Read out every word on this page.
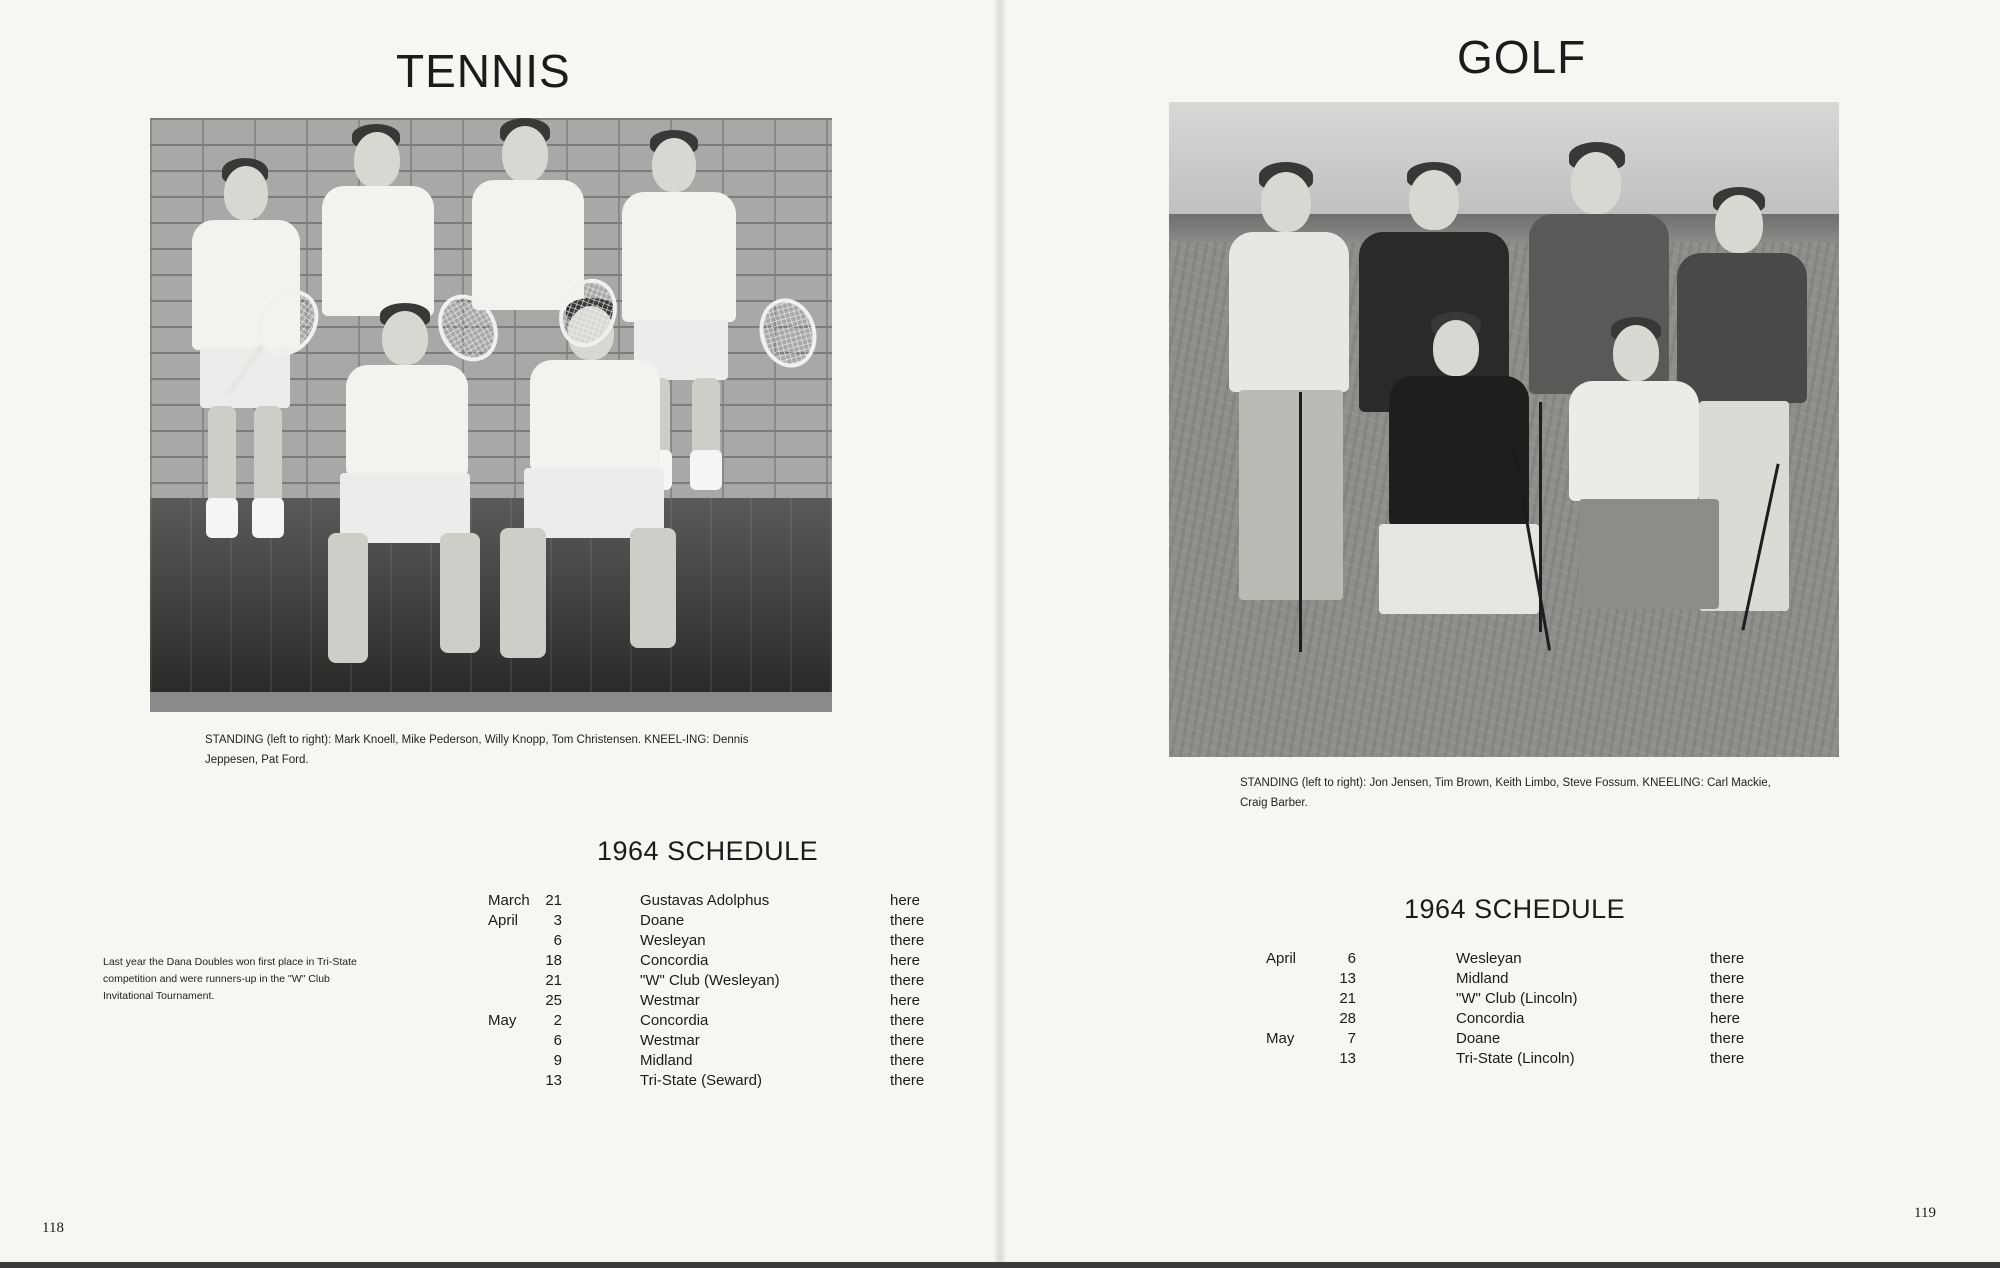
TENNIS
STANDING (left to right): Mark Knoell, Mike Pederson, Willy Knopp, Tom Christensen. KNEEL-ING: Dennis Jeppesen, Pat Ford.
1964 SCHEDULE
March	21	Gustavas Adolphus	here
April	3	Doane	there
6	Wesleyan	there
18	Concordia	here
21	"W" Club (Wesleyan)	there
25	Westmar	here
May	2	Concordia	there
6	Westmar	there
9	Midland	there
13	Tri-State (Seward)	there
Last year the Dana Doubles won first place in Tri-State competition and were runners-up in the "W" Club Invitational Tournament.
118
GOLF
STANDING (left to right): Jon Jensen, Tim Brown, Keith Limbo, Steve Fossum. KNEELING: Carl Mackie, Craig Barber.
1964 SCHEDULE
April	6	Wesleyan	there
13	Midland	there
21	"W" Club (Lincoln)	there
28	Concordia	here
May	7	Doane	there
13	Tri-State (Lincoln)	there
119
